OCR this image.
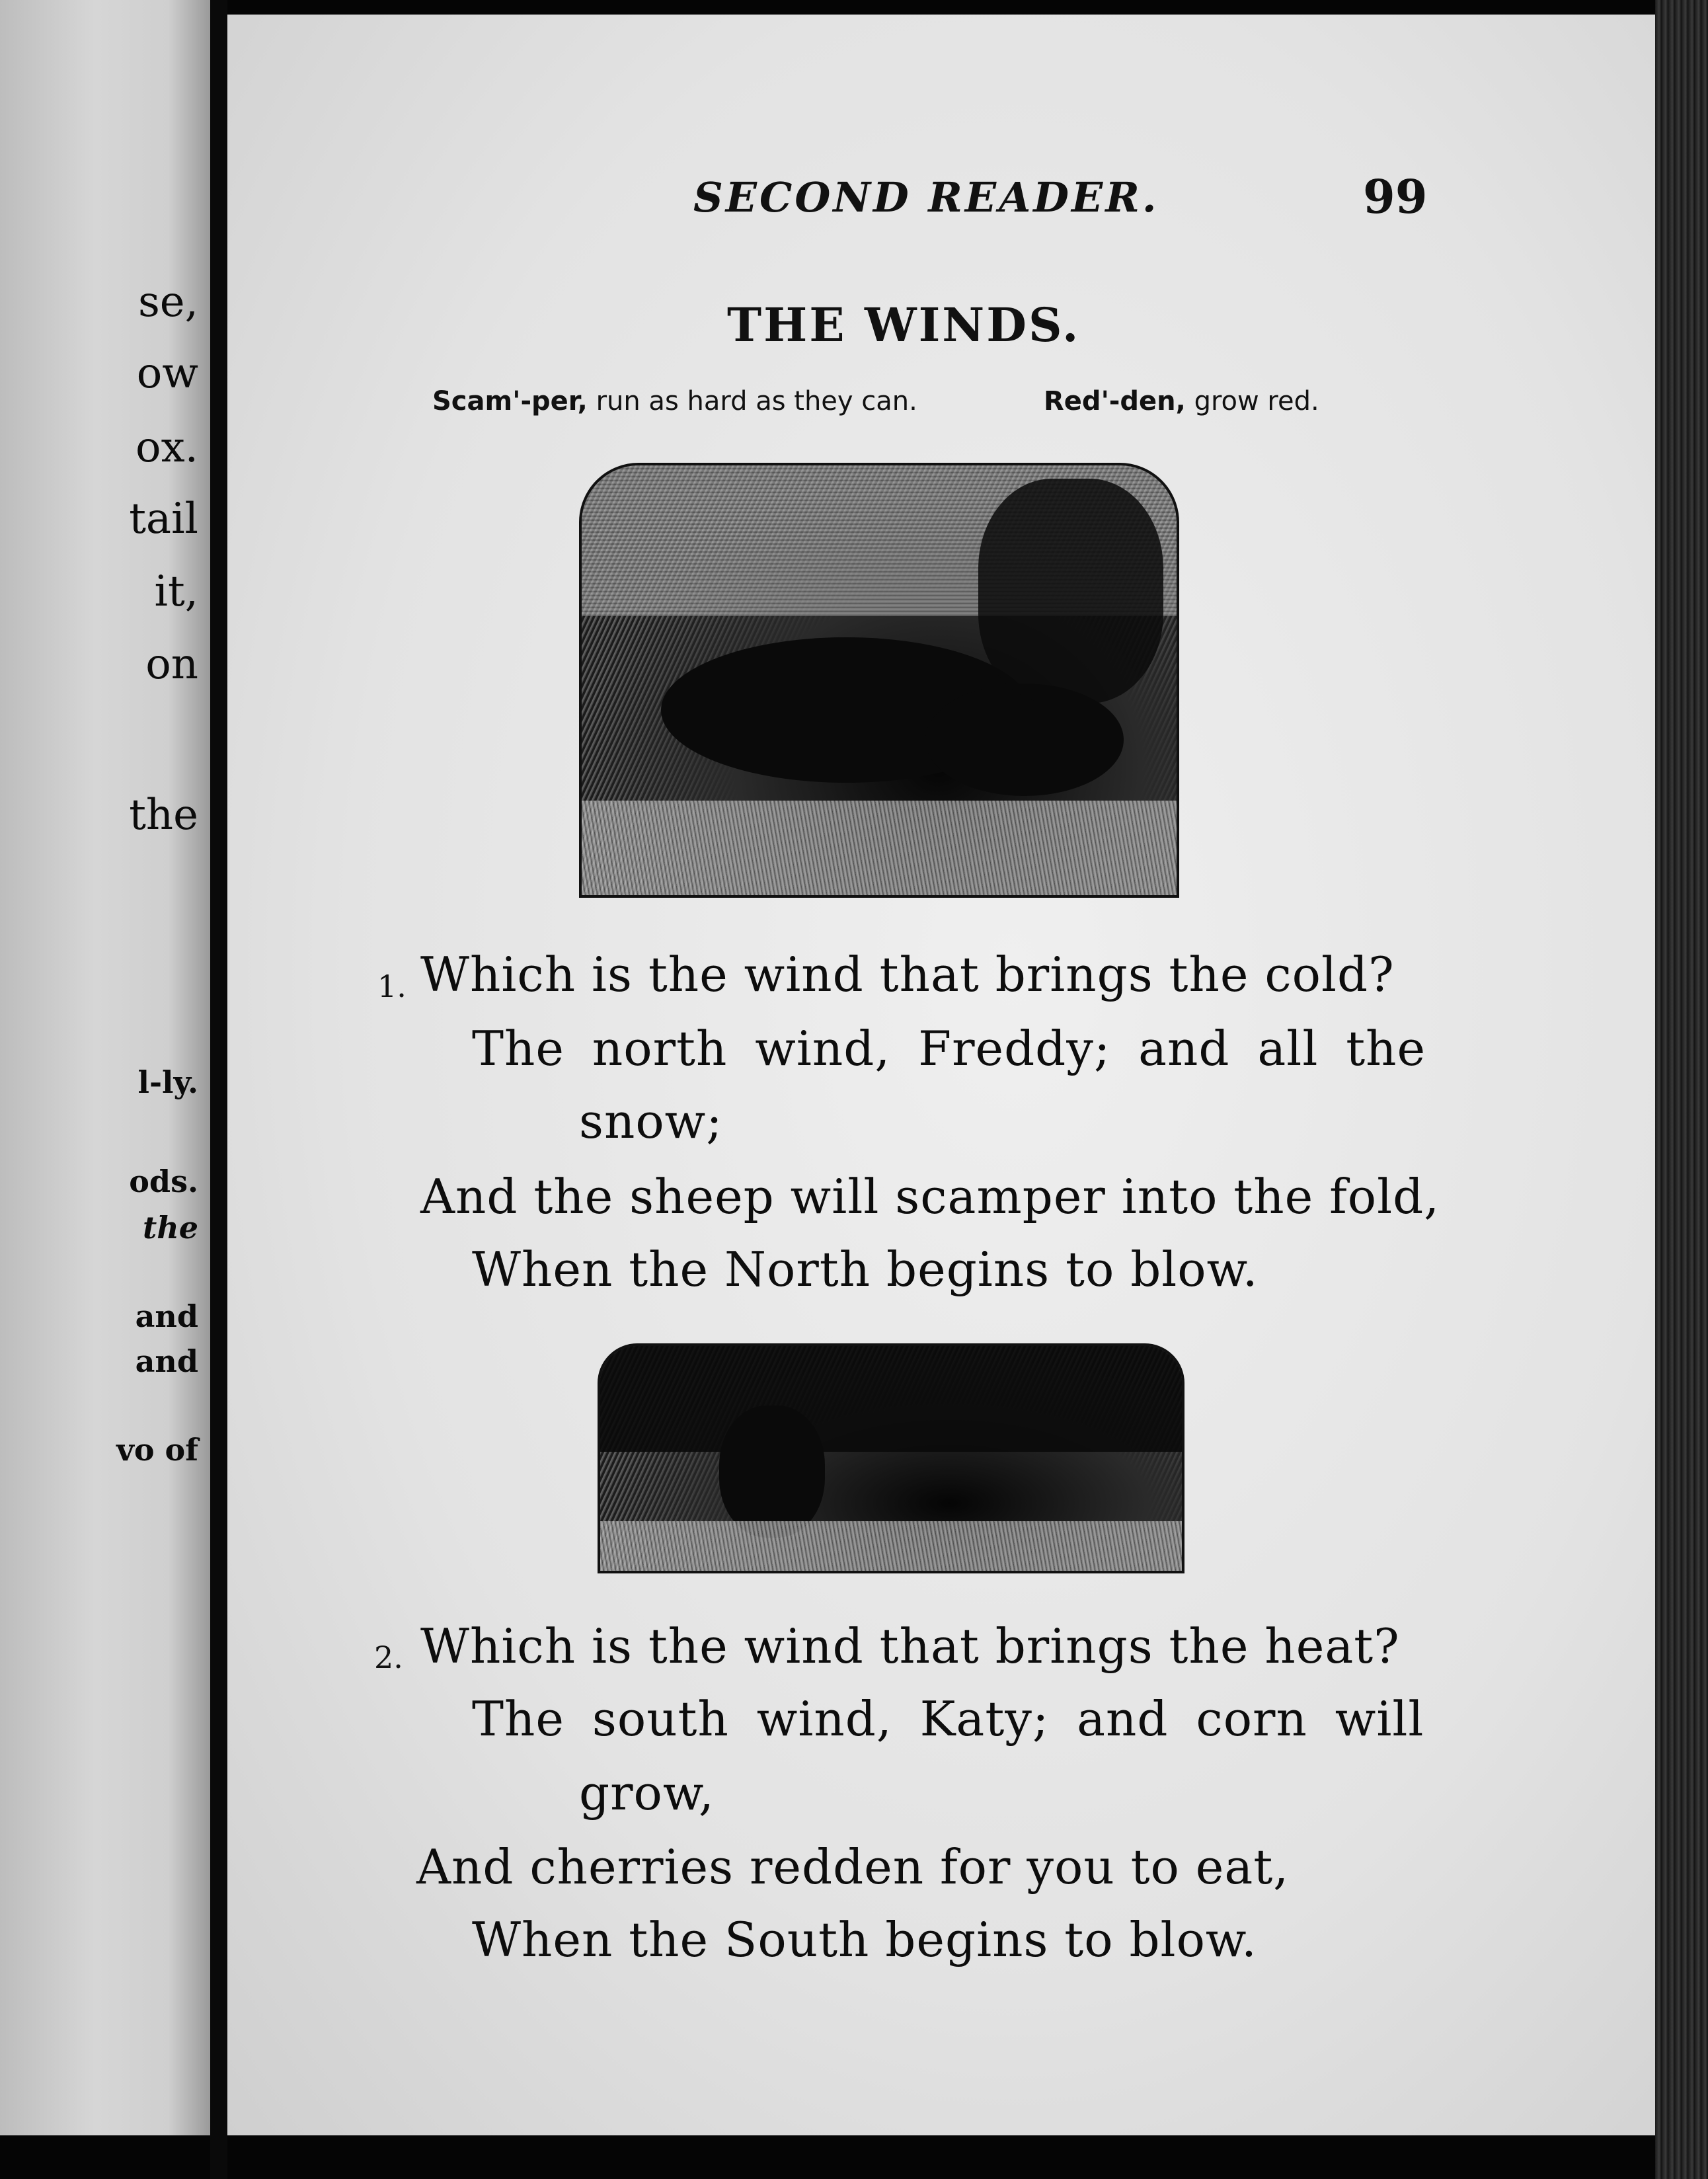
se,
ow
ox.
tail
it,
on
the
l-ly.
ods.
the
and
and
vo of
SECOND READER.	99
THE WINDS.
Scam'-per, run as hard as they can.	Red'-den, grow red.
1. Which is the wind that brings the cold?
The north wind, Freddy; and all the
snow;
And the sheep will scamper into the fold,
When the North begins to blow.
2. Which is the wind that brings the heat?
The south wind, Katy; and corn will
grow,
And cherries redden for you to eat,
When the South begins to blow.
